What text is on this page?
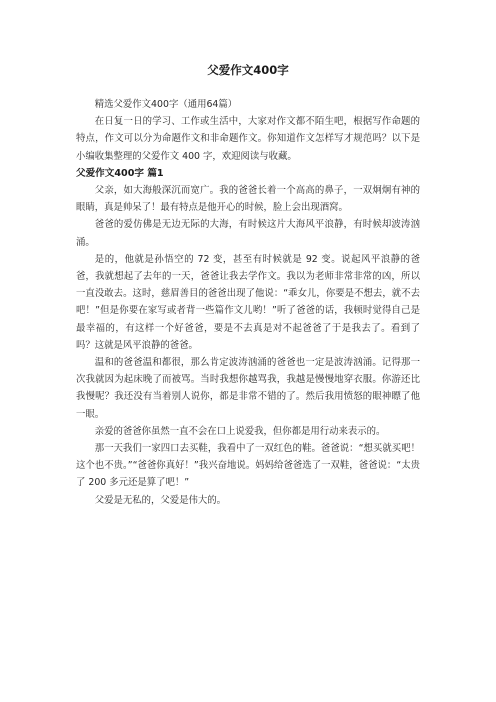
父爱作文400字

精选父爱作文400字（通用64篇）

在日复一日的学习、工作或生活中，大家对作文都不陌生吧，根据写作命题的特点，作文可以分为命题作文和非命题作文。你知道作文怎样写才规范吗？以下是小编收集整理的父爱作文 400 字，欢迎阅读与收藏。

父爱作文400字 篇1

父亲，如大海般深沉而宽广。我的爸爸长着一个高高的鼻子，一双炯炯有神的眼睛，真是帅呆了！最有特点是他开心的时候，脸上会出现酒窝。

爸爸的爱仿佛是无边无际的大海，有时候这片大海风平浪静，有时候却波涛汹涌。

是的，他就是孙悟空的 72 变，甚至有时候就是 92 变。说起风平浪静的爸爸，我就想起了去年的一天，爸爸让我去学作文。我以为老师非常非常的凶，所以一直没敢去。这时，慈眉善目的爸爸出现了他说：“乖女儿，你要是不想去，就不去吧！”但是你要在家写或者背一些篇作文儿哟！”听了爸爸的话，我顿时觉得自己是最幸福的，有这样一个好爸爸，要是不去真是对不起爸爸了于是我去了。看到了吗？这就是风平浪静的爸爸。

温和的爸爸温和都很，那么肯定波涛汹涌的爸爸也一定是波涛汹涌。记得那一次我就因为起床晚了而被骂。当时我想你越骂我，我越是慢慢地穿衣服。你游还比我慢呢？我还没有当着别人说你，都是非常不错的了。然后我用愤怒的眼神瞟了他一眼。

亲爱的爸爸你虽然一直不会在口上说爱我，但你都是用行动来表示的。

那一天我们一家四口去买鞋，我看中了一双红色的鞋。爸爸说：“想买就买吧！这个也不贵。”“爸爸你真好！”我兴奋地说。妈妈给爸爸选了一双鞋，爸爸说：“太贵了 200 多元还是算了吧！”

父爱是无私的，父爱是伟大的。
